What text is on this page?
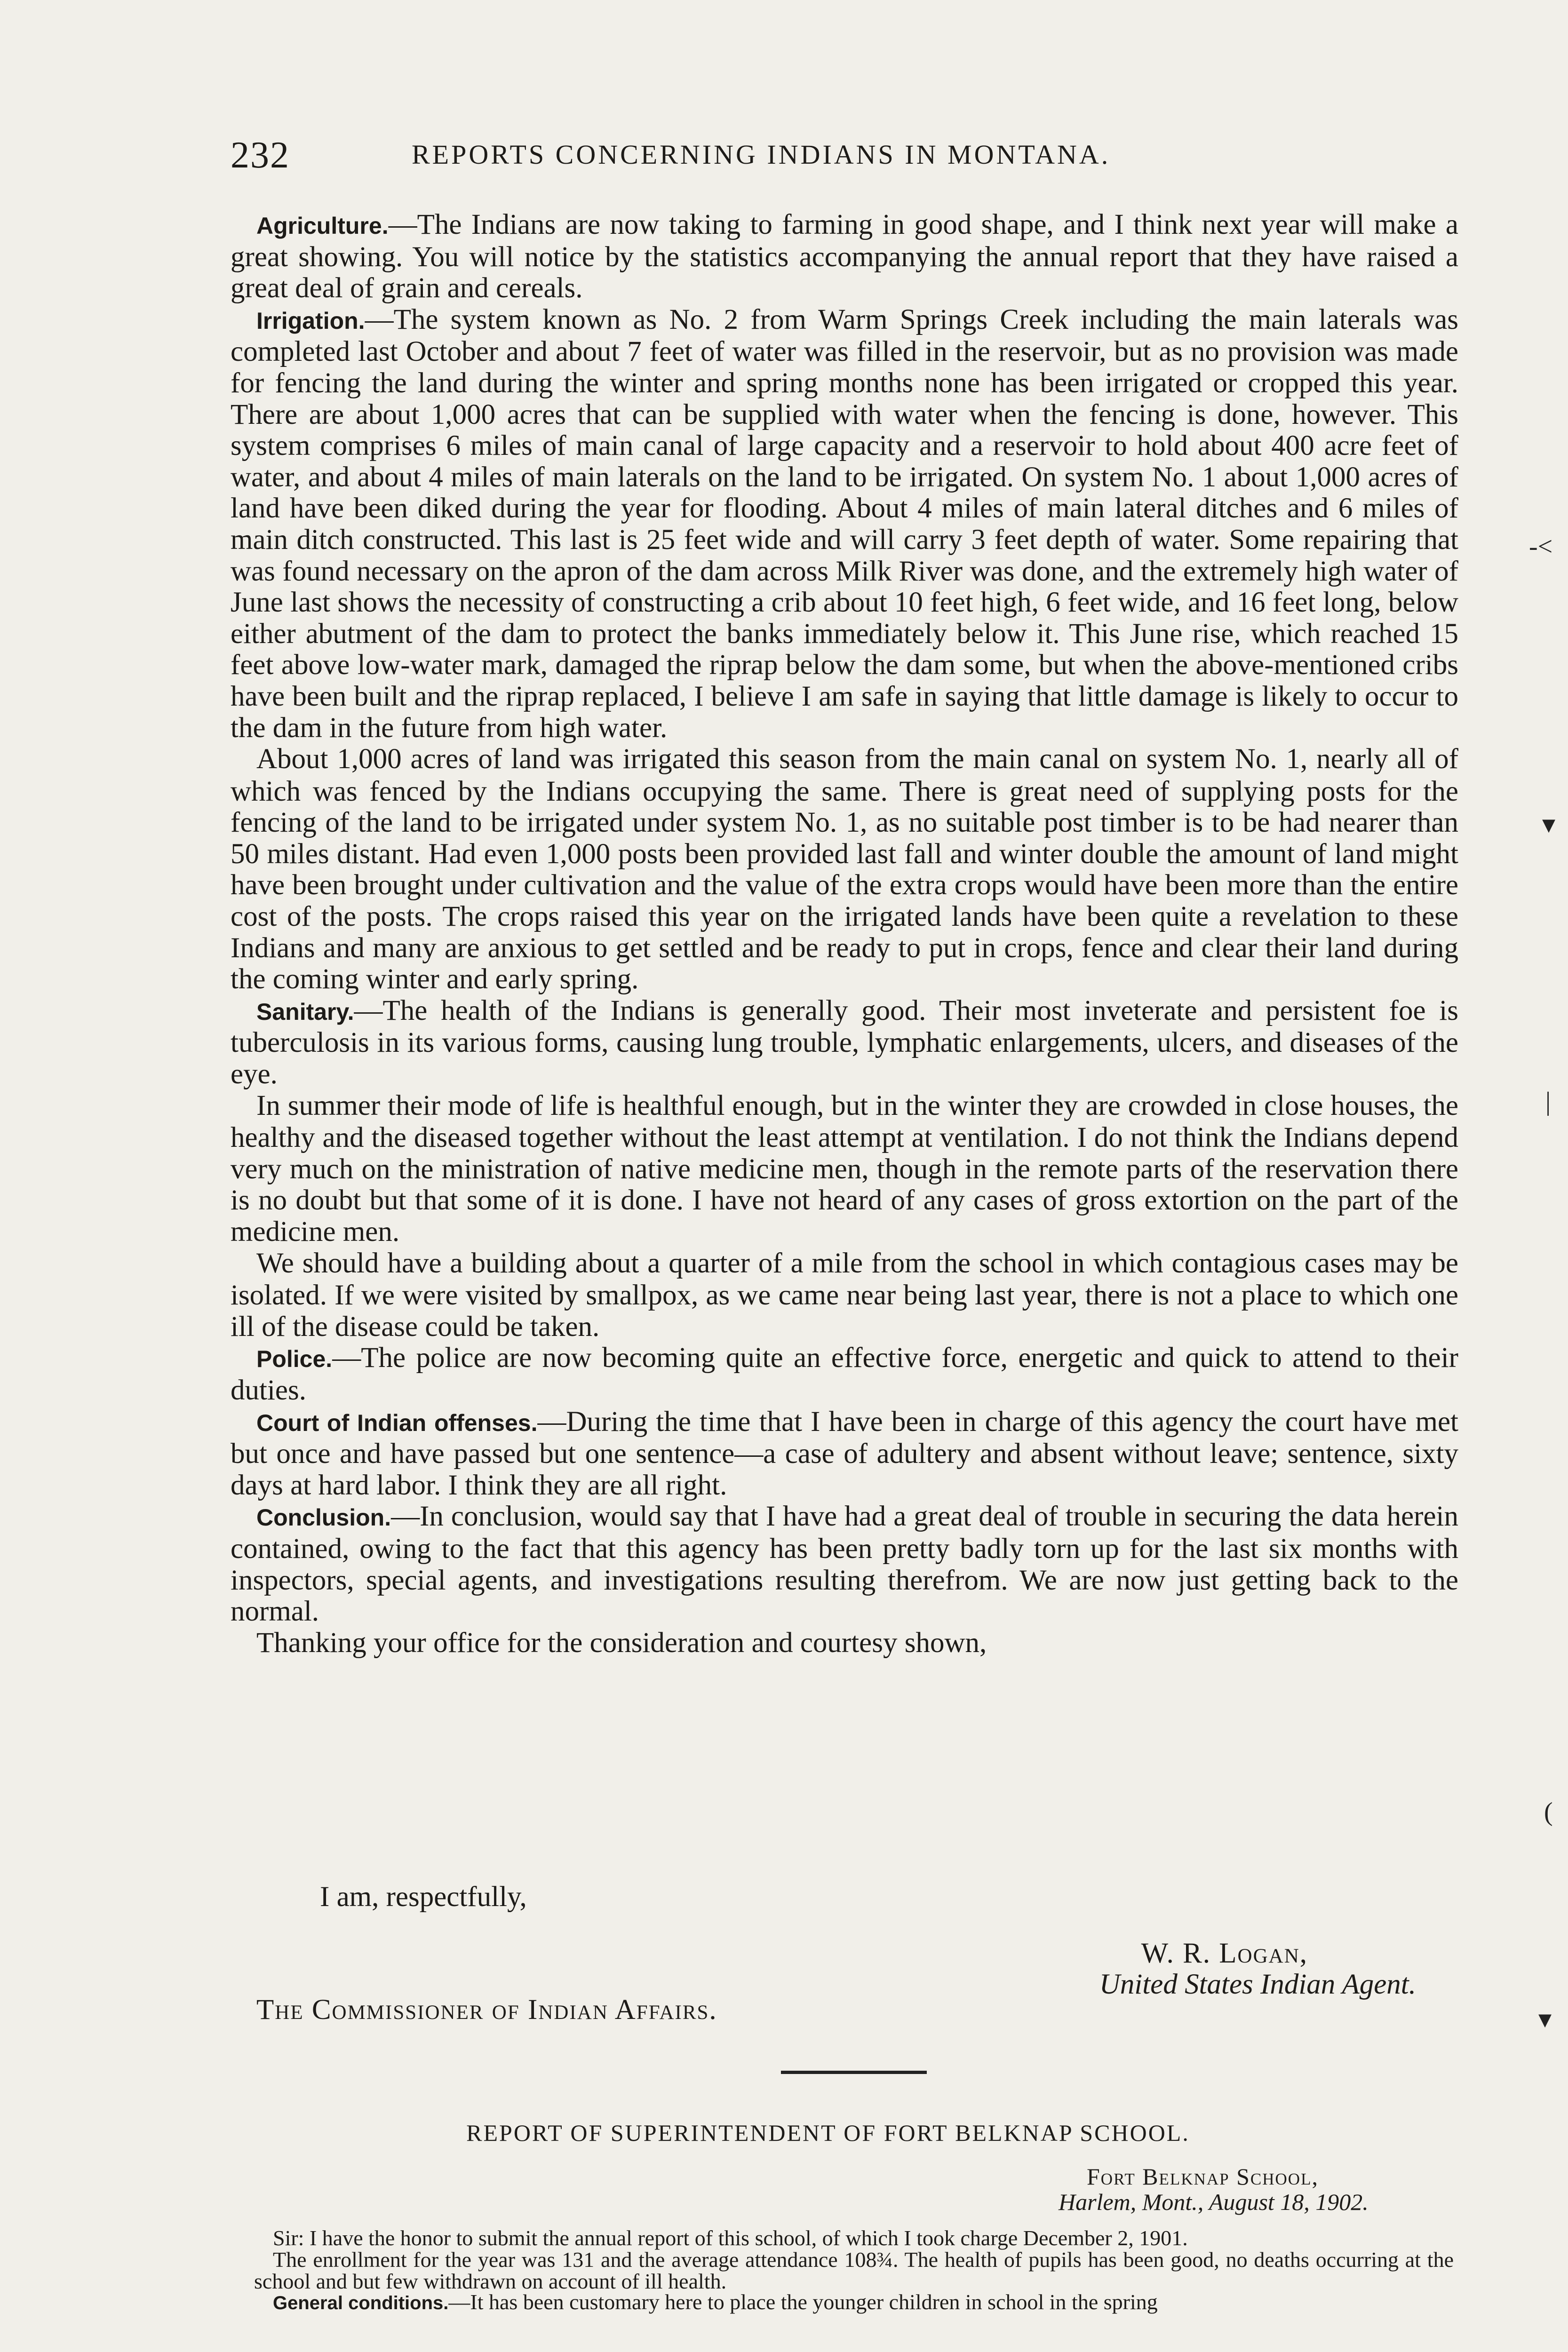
232	REPORTS CONCERNING INDIANS IN MONTANA.

Agriculture.—The Indians are now taking to farming in good shape, and I think next year will make a great showing. You will notice by the statistics accompanying the annual report that they have raised a great deal of grain and cereals.

Irrigation.—The system known as No. 2 from Warm Springs Creek including the main laterals was completed last October and about 7 feet of water was filled in the reservoir, but as no provision was made for fencing the land during the winter and spring months none has been irrigated or cropped this year. There are about 1,000 acres that can be supplied with water when the fencing is done, however. This system comprises 6 miles of main canal of large capacity and a reservoir to hold about 400 acre feet of water, and about 4 miles of main laterals on the land to be irrigated. On system No. 1 about 1,000 acres of land have been diked during the year for flooding. About 4 miles of main lateral ditches and 6 miles of main ditch constructed. This last is 25 feet wide and will carry 3 feet depth of water. Some repairing that was found necessary on the apron of the dam across Milk River was done, and the extremely high water of June last shows the necessity of constructing a crib about 10 feet high, 6 feet wide, and 16 feet long, below either abutment of the dam to protect the banks immediately below it. This June rise, which reached 15 feet above low-water mark, damaged the riprap below the dam some, but when the above-mentioned cribs have been built and the riprap replaced, I believe I am safe in saying that little damage is likely to occur to the dam in the future from high water.

About 1,000 acres of land was irrigated this season from the main canal on system No. 1, nearly all of which was fenced by the Indians occupying the same. There is great need of supplying posts for the fencing of the land to be irrigated under system No. 1, as no suitable post timber is to be had nearer than 50 miles distant. Had even 1,000 posts been provided last fall and winter double the amount of land might have been brought under cultivation and the value of the extra crops would have been more than the entire cost of the posts. The crops raised this year on the irrigated lands have been quite a revelation to these Indians and many are anxious to get settled and be ready to put in crops, fence and clear their land during the coming winter and early spring.

Sanitary.—The health of the Indians is generally good. Their most inveterate and persistent foe is tuberculosis in its various forms, causing lung trouble, lymphatic enlargements, ulcers, and diseases of the eye.

In summer their mode of life is healthful enough, but in the winter they are crowded in close houses, the healthy and the diseased together without the least attempt at ventilation. I do not think the Indians depend very much on the ministration of native medicine men, though in the remote parts of the reservation there is no doubt but that some of it is done. I have not heard of any cases of gross extortion on the part of the medicine men.

We should have a building about a quarter of a mile from the school in which contagious cases may be isolated. If we were visited by smallpox, as we came near being last year, there is not a place to which one ill of the disease could be taken.

Police.—The police are now becoming quite an effective force, energetic and quick to attend to their duties.

Court of Indian offenses.—During the time that I have been in charge of this agency the court have met but once and have passed but one sentence—a case of adultery and absent without leave; sentence, sixty days at hard labor. I think they are all right.

Conclusion.—In conclusion, would say that I have had a great deal of trouble in securing the data herein contained, owing to the fact that this agency has been pretty badly torn up for the last six months with inspectors, special agents, and investigations resulting therefrom. We are now just getting back to the normal.

Thanking your office for the consideration and courtesy shown,

I am, respectfully,
W. R. Logan,
United States Indian Agent.
The Commissioner of Indian Affairs.
REPORT OF SUPERINTENDENT OF FORT BELKNAP SCHOOL.
Fort Belknap School,
Harlem, Mont., August 18, 1902.

Sir: I have the honor to submit the annual report of this school, of which I took charge December 2, 1901.

The enrollment for the year was 131 and the average attendance 108¾. The health of pupils has been good, no deaths occurring at the school and but few withdrawn on account of ill health.

General conditions.—It has been customary here to place the younger children in school in the spring

-<
▾
|
(
▾
